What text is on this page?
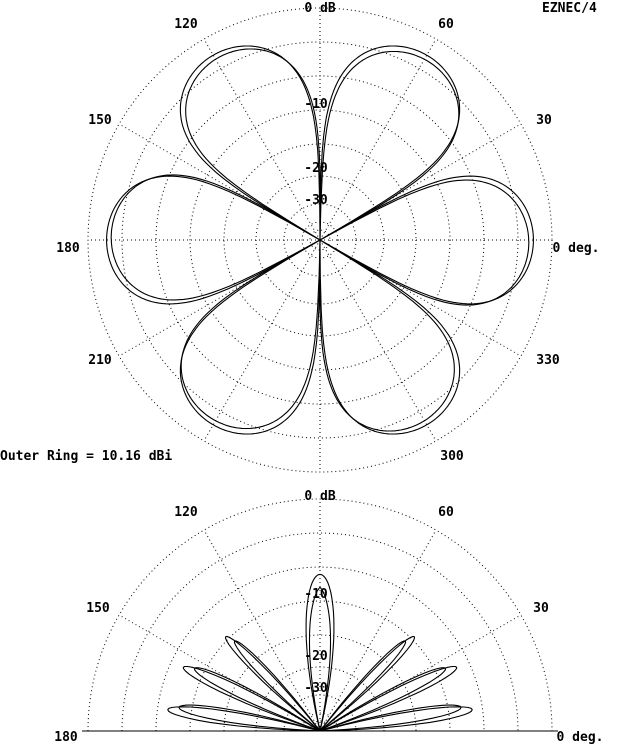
EZNEC/4
0 dB
60
30
0 deg.
330
300
210
180
150
120
-10
-20
-30
Outer Ring = 10.16 dBi
0 dB
60
30
0 deg.
180
150
120
-10
-20
-30
